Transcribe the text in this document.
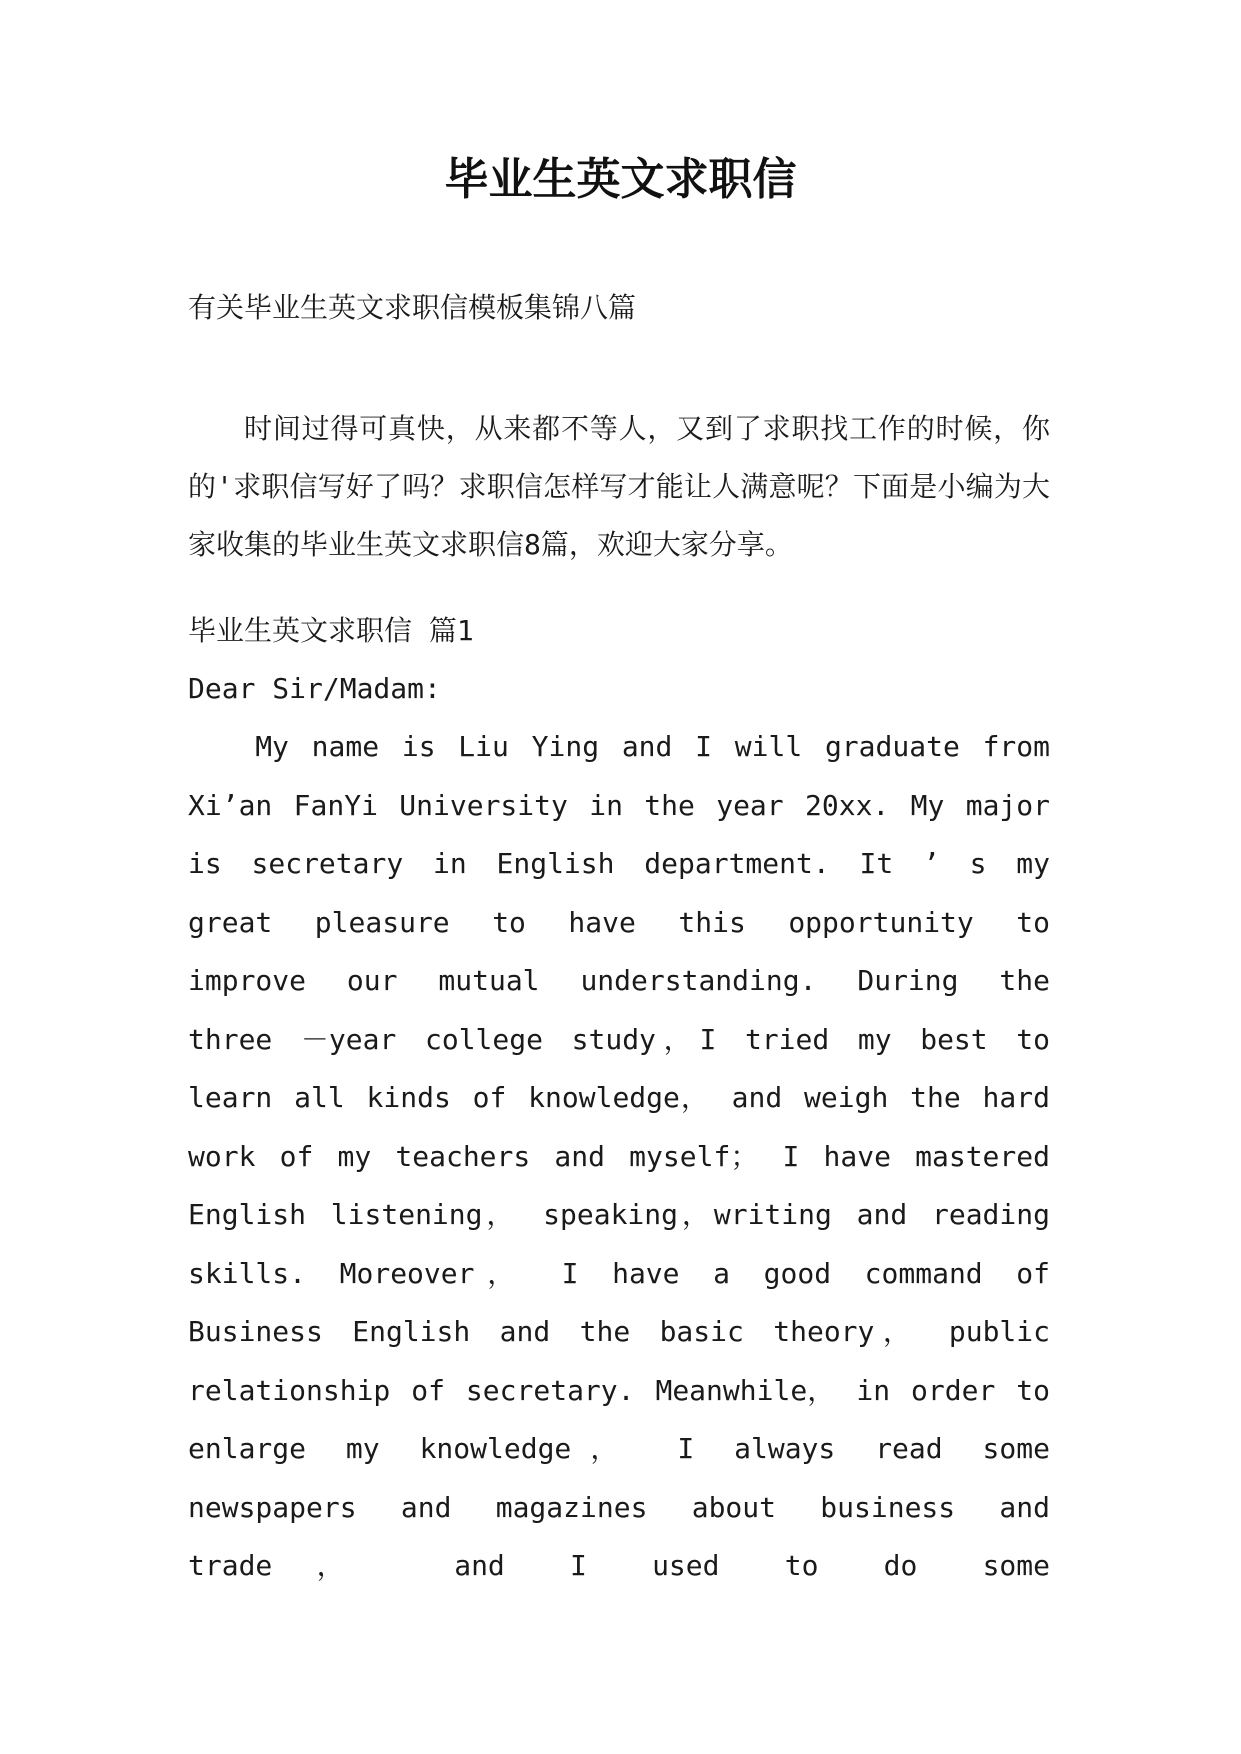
毕业生英文求职信

有关毕业生英文求职信模板集锦八篇

时间过得可真快，从来都不等人，又到了求职找工作的时候，你的'求职信写好了吗？求职信怎样写才能让人满意呢？下面是小编为大家收集的毕业生英文求职信8篇，欢迎大家分享。

毕业生英文求职信 篇1

Dear Sir/Madam:

My name is Liu Ying and I will graduate from Xi’an FanYi University in the year 20xx. My major is secretary in English department. It ’ s my great pleasure to have this opportunity to improve our mutual understanding. During the three －year college study，I tried my best to learn all kinds of knowledge， and weigh the hard work of my teachers and myself； I have mastered English listening， speaking，writing and reading skills. Moreover， I have a good command of Business English and the basic theory， public relationship of secretary. Meanwhile， in order to enlarge my knowledge， I always read some newspapers and magazines about business and trade， and I used to do some
